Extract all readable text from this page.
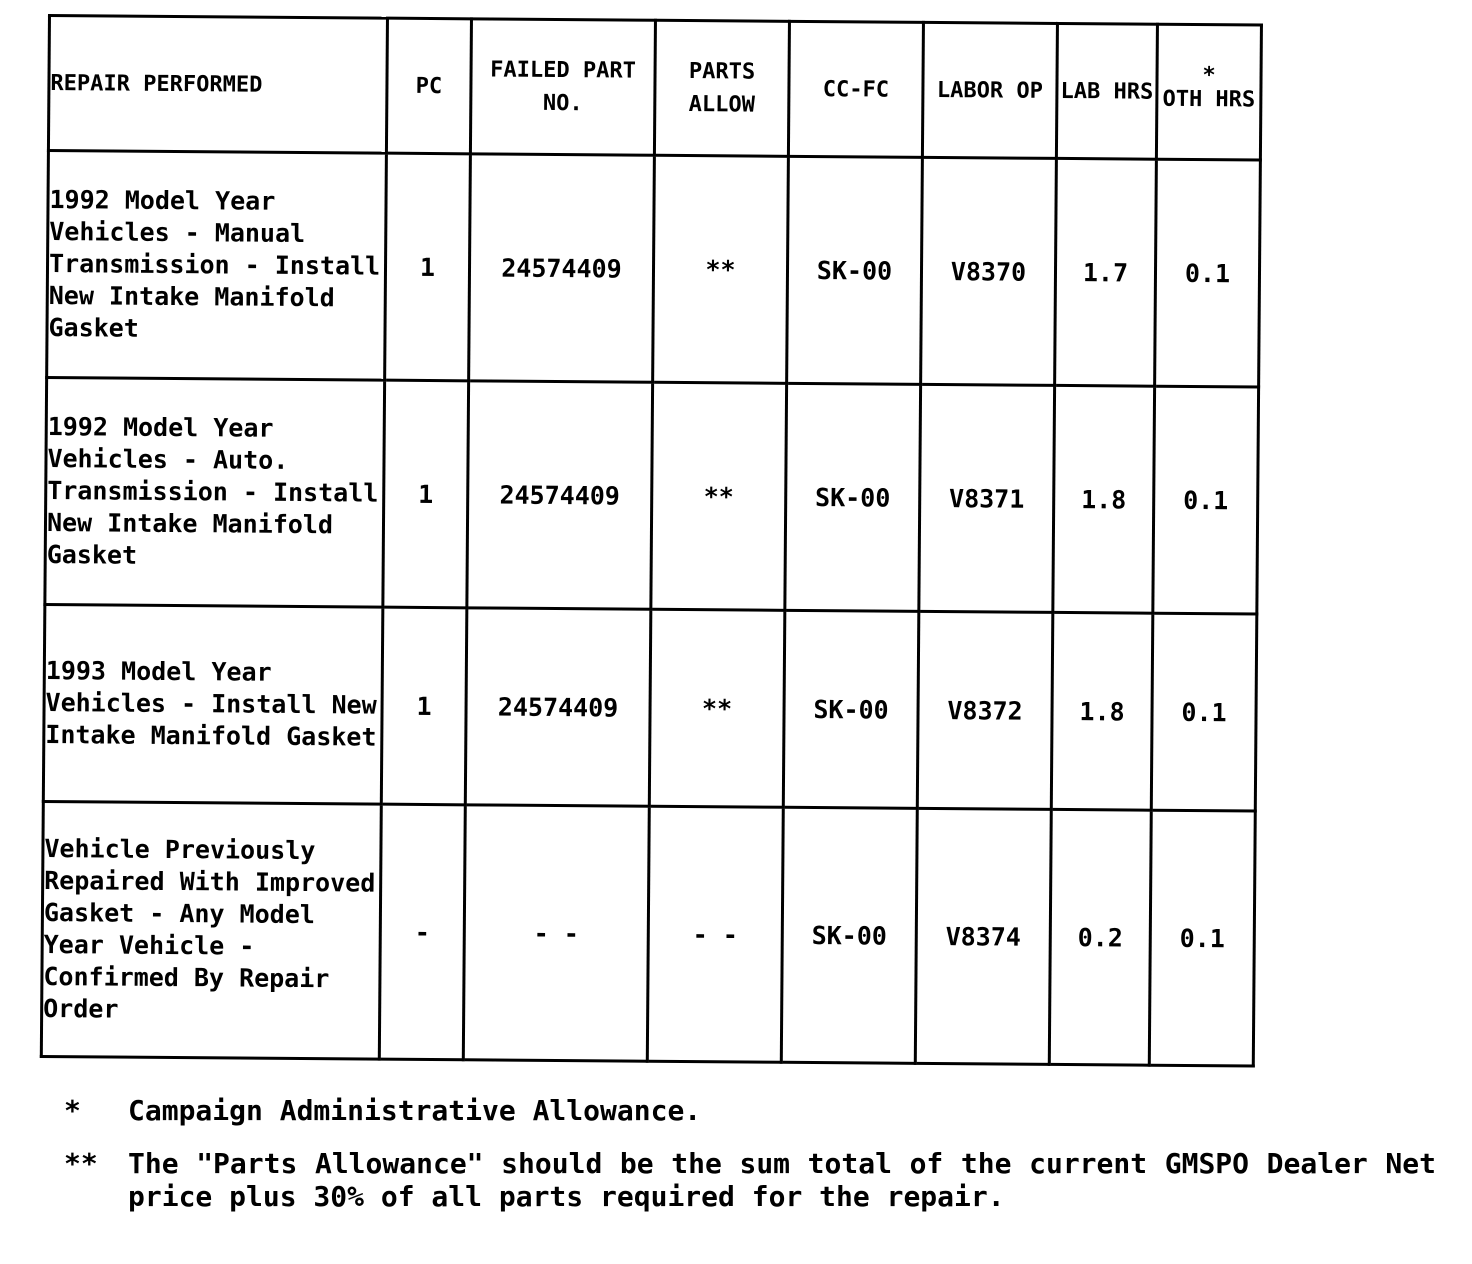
REPAIR PERFORMED	PC	FAILED PART NO.	PARTS ALLOW	CC-FC	LABOR OP	LAB HRS	*
OTH HRS
1992 Model Year Vehicles - Manual Transmission - Install New Intake Manifold Gasket	1	24574409	**	SK-00	V8370	1.7	0.1
1992 Model Year Vehicles - Auto. Transmission - Install New Intake Manifold Gasket	1	24574409	**	SK-00	V8371	1.8	0.1
1993 Model Year Vehicles - Install New Intake Manifold Gasket	1	24574409	**	SK-00	V8372	1.8	0.1
Vehicle Previously Repaired With Improved Gasket - Any Model Year Vehicle - Confirmed By Repair Order	-	- -	- -	SK-00	V8374	0.2	0.1
*	Campaign Administrative Allowance.
**	The "Parts Allowance" should be the sum total of the current GMSPO Dealer Net price plus 30% of all parts required for the repair.
